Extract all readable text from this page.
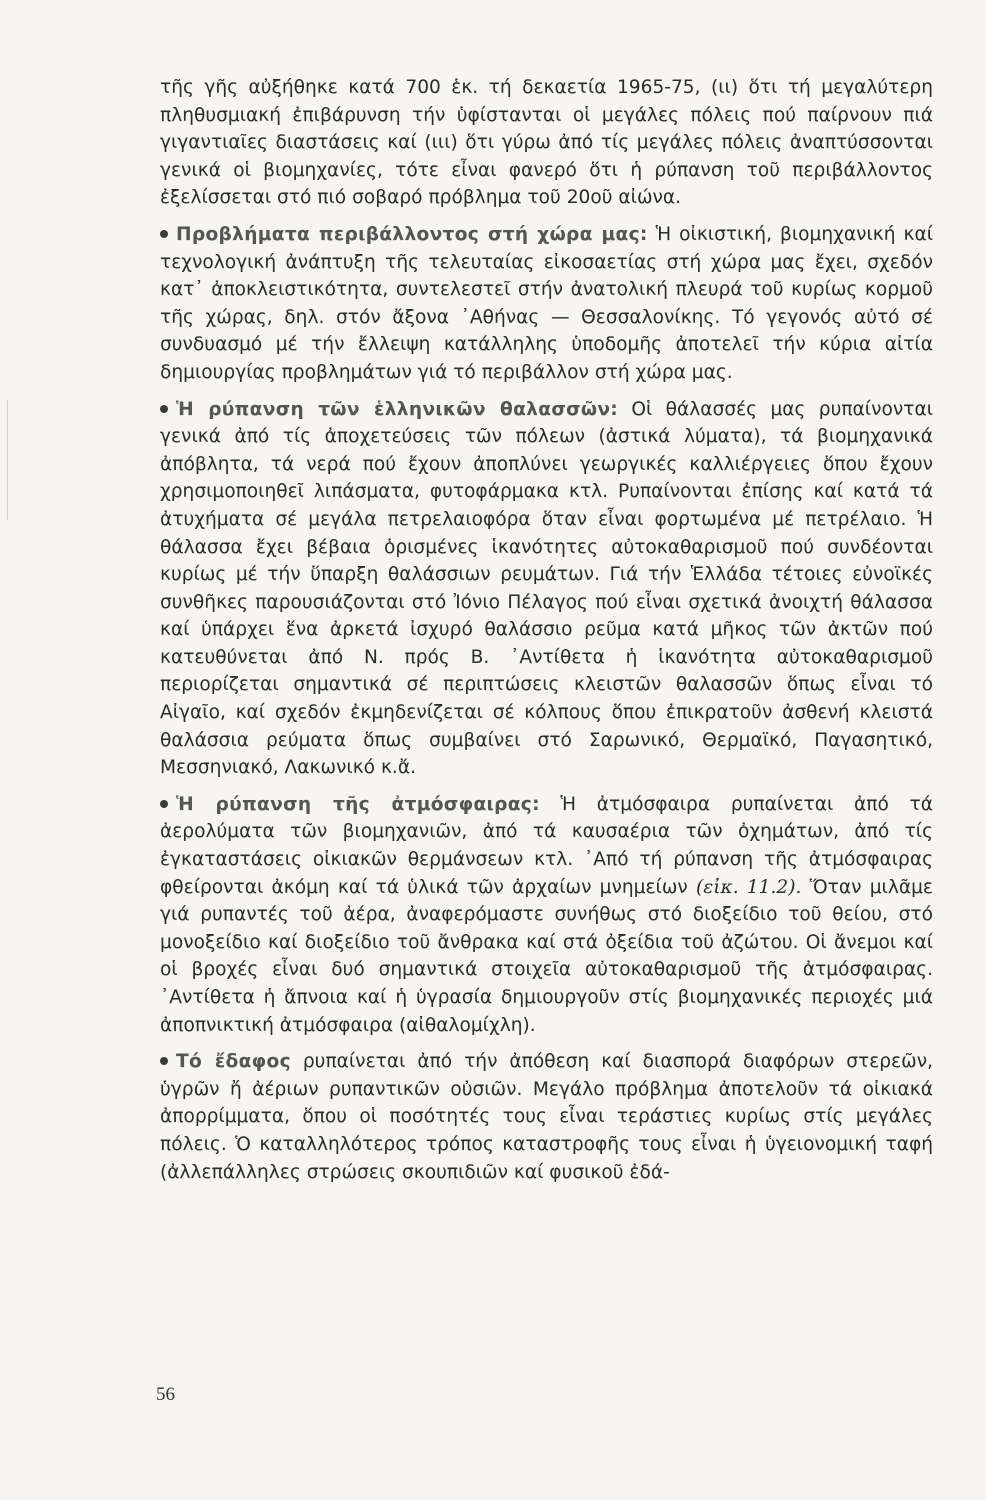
τῆς γῆς αὐξήθηκε κατά 700 ἑκ. τή δεκαετία 1965-75, (ιι) ὅτι τή μεγαλύτερη πληθυσμιακή ἐπιβάρυνση τήν ὑφίστανται οἱ μεγάλες πόλεις πού παίρνουν πιά γιγαντιαῖες διαστάσεις καί (ιιι) ὅτι γύρω ἀπό τίς μεγάλες πόλεις ἀναπτύσσονται γενικά οἱ βιομηχανίες, τότε εἶναι φανερό ὅτι ἡ ρύπανση τοῦ περιβάλλοντος ἐξελίσσεται στό πιό σοβαρό πρόβλημα τοῦ 20οῦ αἰώνα.

Προβλήματα περιβάλλοντος στή χώρα μας: Ἡ οἰκιστική, βιομηχανική καί τεχνολογική ἀνάπτυξη τῆς τελευταίας εἰκοσαετίας στή χώρα μας ἔχει, σχεδόν κατ᾿ ἀποκλειστικότητα, συντελεστεῖ στήν ἀνατολική πλευρά τοῦ κυρίως κορμοῦ τῆς χώρας, δηλ. στόν ἄξονα ᾿Αθήνας — Θεσσαλονίκης. Τό γεγονός αὐτό σέ συνδυασμό μέ τήν ἔλλειψη κατάλληλης ὑποδομῆς ἀποτελεῖ τήν κύρια αἰτία δημιουργίας προβλημάτων γιά τό περιβάλλον στή χώρα μας.

Ἡ ρύπανση τῶν ἑλληνικῶν θαλασσῶν: Οἱ θάλασσές μας ρυπαίνονται γενικά ἀπό τίς ἀποχετεύσεις τῶν πόλεων (ἀστικά λύματα), τά βιομηχανικά ἀπόβλητα, τά νερά πού ἔχουν ἀποπλύνει γεωργικές καλλιέργειες ὅπου ἔχουν χρησιμοποιηθεῖ λιπάσματα, φυτοφάρμακα κτλ. Ρυπαίνονται ἐπίσης καί κατά τά ἀτυχήματα σέ μεγάλα πετρελαιοφόρα ὅταν εἶναι φορτωμένα μέ πετρέλαιο. Ἡ θάλασσα ἔχει βέβαια ὁρισμένες ἱκανότητες αὐτοκαθαρισμοῦ πού συνδέονται κυρίως μέ τήν ὕπαρξη θαλάσσιων ρευμάτων. Γιά τήν Ἑλλάδα τέτοιες εὐνοϊκές συνθῆκες παρουσιάζονται στό Ἰόνιο Πέλαγος πού εἶναι σχετικά ἀνοιχτή θάλασσα καί ὑπάρχει ἕνα ἀρκετά ἰσχυρό θαλάσσιο ρεῦμα κατά μῆκος τῶν ἀκτῶν πού κατευθύνεται ἀπό Ν. πρός Β. ᾿Αντίθετα ἡ ἱκανότητα αὐτοκαθαρισμοῦ περιορίζεται σημαντικά σέ περιπτώσεις κλειστῶν θαλασσῶν ὅπως εἶναι τό Αἰγαῖο, καί σχεδόν ἐκμηδενίζεται σέ κόλπους ὅπου ἐπικρατοῦν ἀσθενή κλειστά θαλάσσια ρεύματα ὅπως συμβαίνει στό Σαρωνικό, Θερμαϊκό, Παγασητικό, Μεσσηνιακό, Λακωνικό κ.ἄ.

Ἡ ρύπανση τῆς ἀτμόσφαιρας: Ἡ ἀτμόσφαιρα ρυπαίνεται ἀπό τά ἀερολύματα τῶν βιομηχανιῶν, ἀπό τά καυσαέρια τῶν ὀχημάτων, ἀπό τίς ἐγκαταστάσεις οἰκιακῶν θερμάνσεων κτλ. ᾿Από τή ρύπανση τῆς ἀτμόσφαιρας φθείρονται ἀκόμη καί τά ὑλικά τῶν ἀρχαίων μνημείων (εἰκ. 11.2). Ὅταν μιλᾶμε γιά ρυπαντές τοῦ ἀέρα, ἀναφερόμαστε συνήθως στό διοξείδιο τοῦ θείου, στό μονοξείδιο καί διοξείδιο τοῦ ἄνθρακα καί στά ὀξείδια τοῦ ἀζώτου. Οἱ ἄνεμοι καί οἱ βροχές εἶναι δυό σημαντικά στοιχεῖα αὐτοκαθαρισμοῦ τῆς ἀτμόσφαιρας. ᾿Αντίθετα ἡ ἄπνοια καί ἡ ὑγρασία δημιουργοῦν στίς βιομηχανικές περιοχές μιά ἀποπνικτική ἀτμόσφαιρα (αἰθαλομίχλη).

Τό ἔδαφος ρυπαίνεται ἀπό τήν ἀπόθεση καί διασπορά διαφόρων στερεῶν, ὑγρῶν ἤ ἀέριων ρυπαντικῶν οὐσιῶν. Μεγάλο πρόβλημα ἀποτελοῦν τά οἰκιακά ἀπορρίμματα, ὅπου οἱ ποσότητές τους εἶναι τεράστιες κυρίως στίς μεγάλες πόλεις. Ὁ καταλληλότερος τρόπος καταστροφῆς τους εἶναι ἡ ὑγειονομική ταφή (ἀλλεπάλληλες στρώσεις σκουπιδιῶν καί φυσικοῦ ἐδά-

56
